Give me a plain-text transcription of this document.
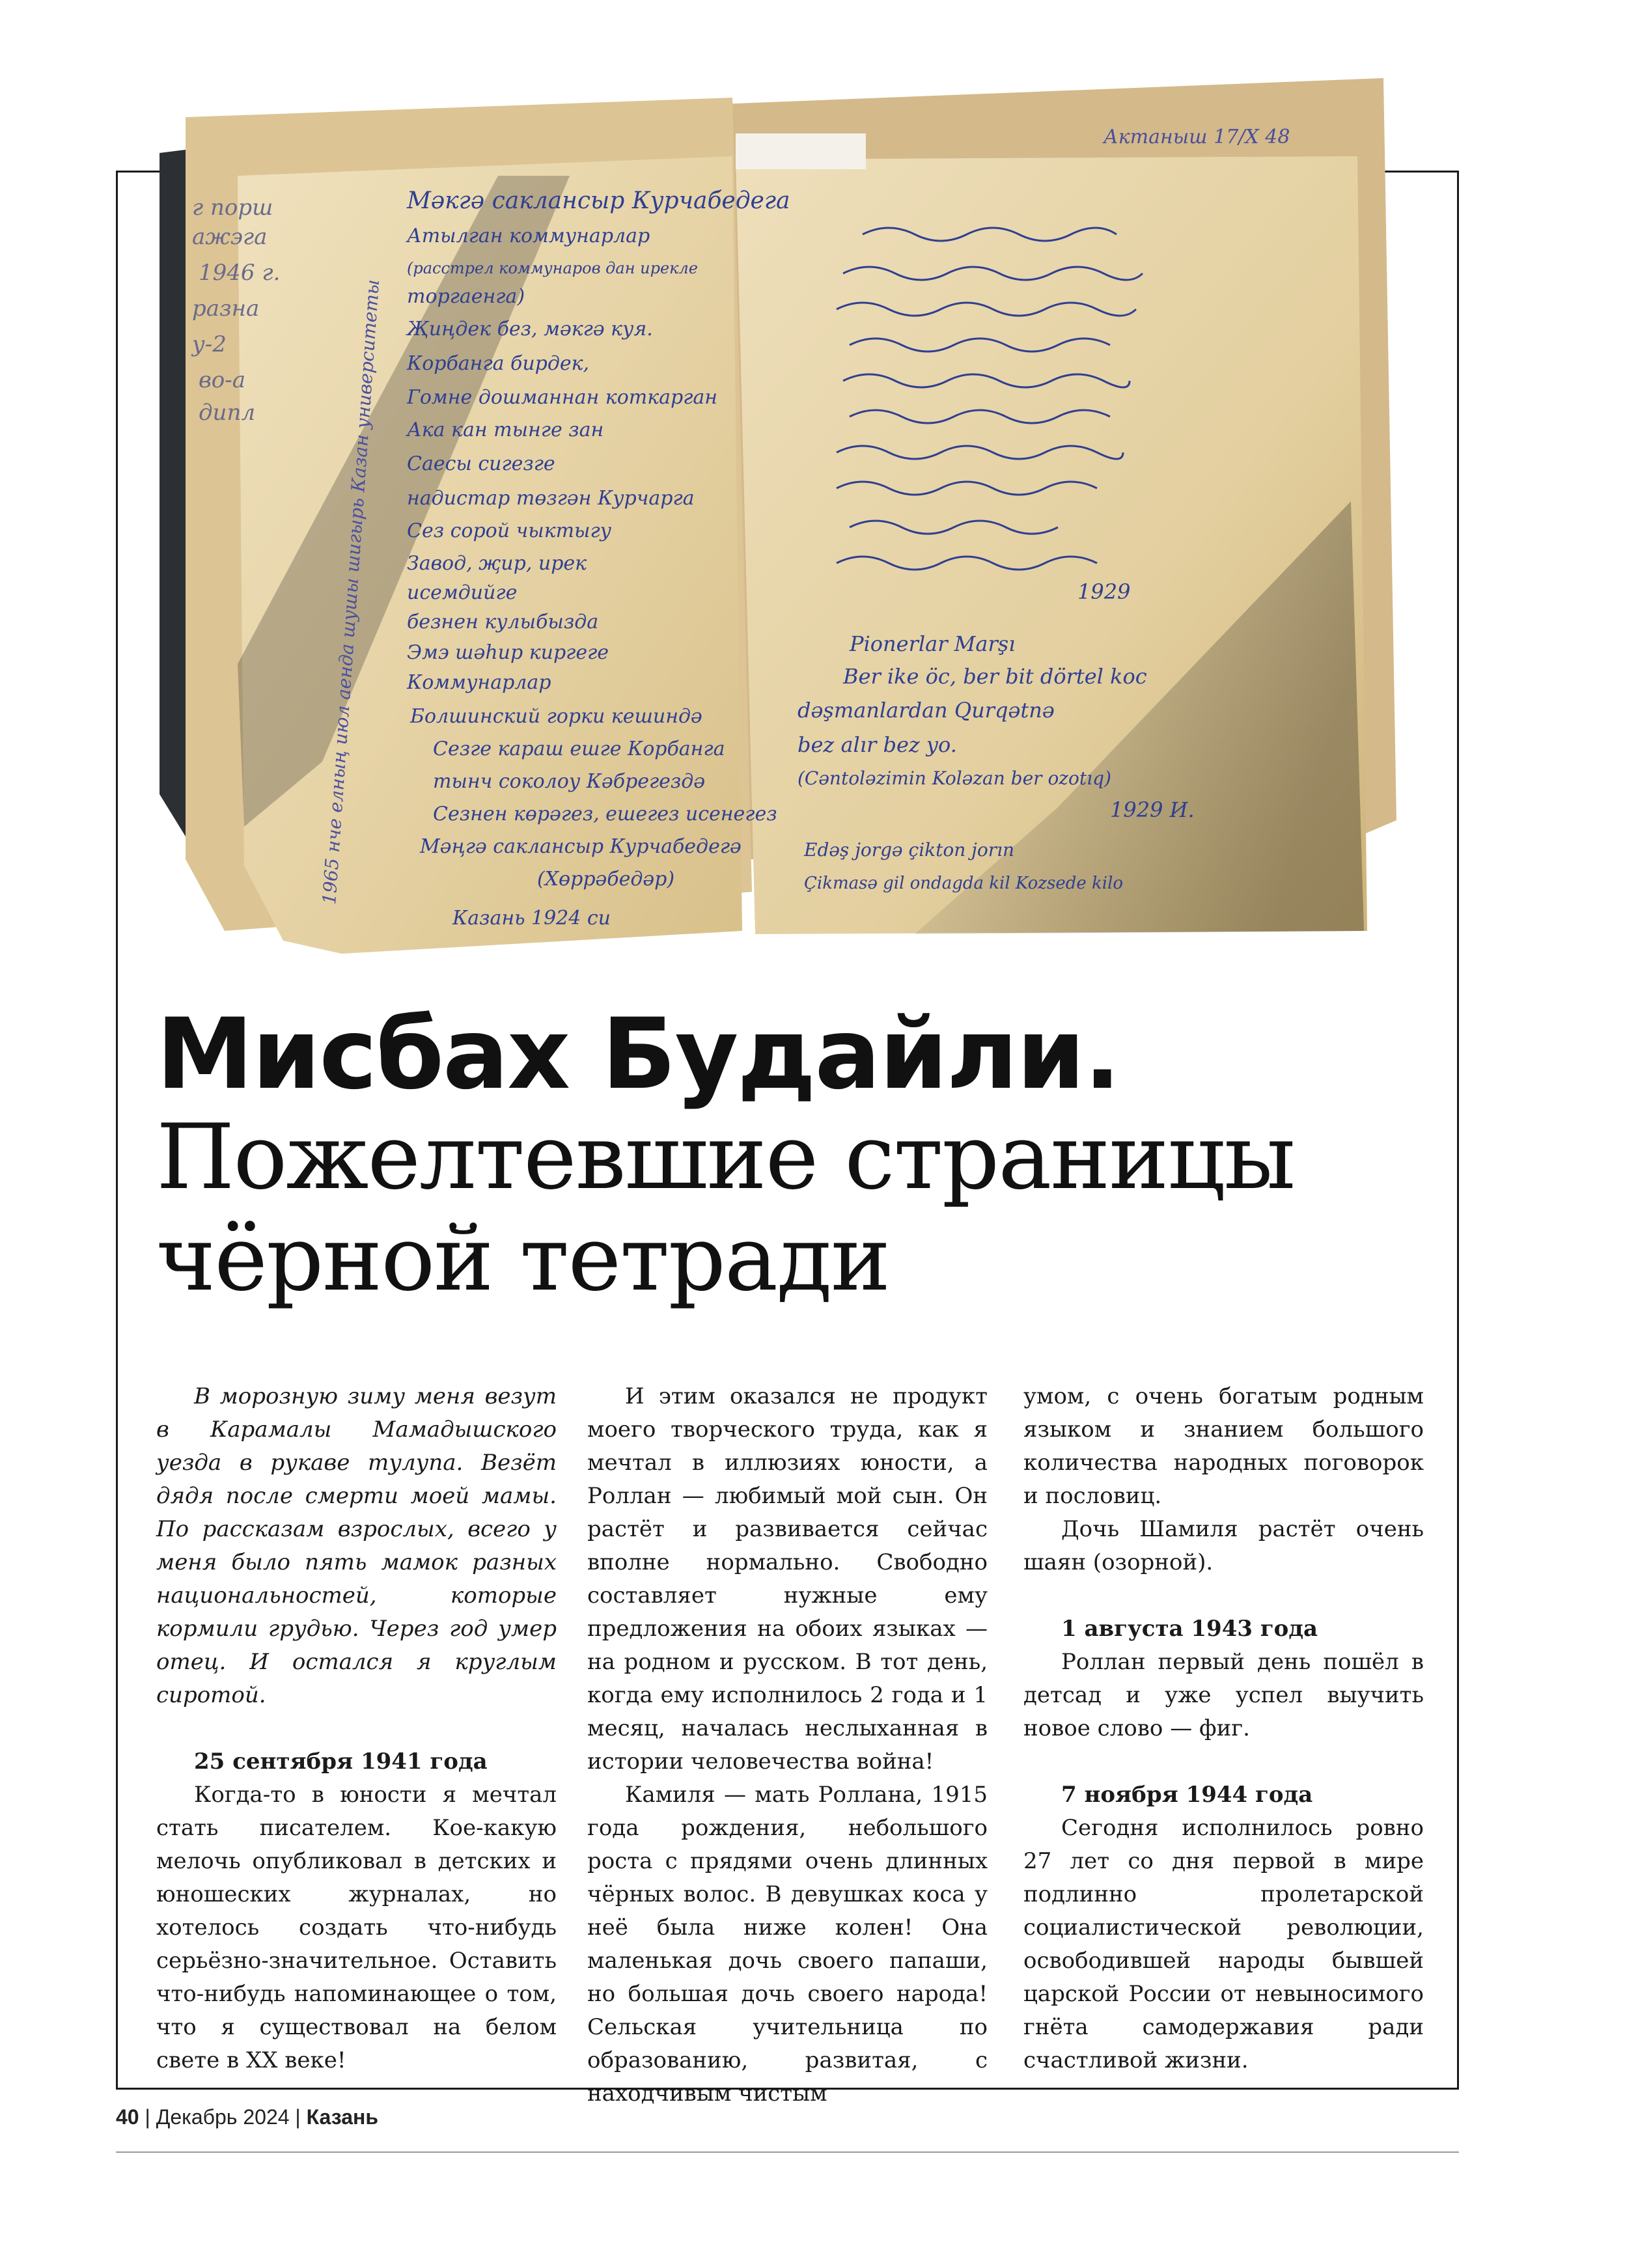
г порш
ажэга
1946 г.
разна
у-2
во-а
дипл	1965 нче елның июл аенда шушы шигырь Казан университеты
Мәкгә саклансыр Курчабедега
Атылган коммунарлар
(расстрел коммунаров дан ирекле
торгаенга)
Җиңдек без, мәкгә куя.
Корбанга бирдек,
Гомне дошманнан коткарган
Ака кан тынге зан
Саесы сигезге
надистар төзгән Курчарга
Сез сорой чыктыгу
Завод, җир, ирек
исемдийге
безнен кулыбызда
Эмэ шәһир киргеге
Коммунарлар
Болшинский горки кешиндә
Сезге караш ешге Корбанга
тынч соколоу Кәбрегездә
Сезнен көрәгез, ешегез исенегез
Мәңгә саклансыр Курчабедегә
(Хөррәбедәр)
Казань 1924 си
Актаныш 17/Х 48
1929
Pionerlar Marşı
Ber ike öc, ber bit dörtel koc
dəşmanlardan Qurqətnə
bez alır bez yo.
(Cəntoləzimin Koləzan ber ozotıq)
1929 И.
Edəş jorgə çikton jorın
Çikmasə gil ondagda kil Kozsede kilo
Мисбах Будайли.
Пожелтевшие страницы
чёрной тетради

В морозную зиму меня везут в Карамалы Мамадышского уезда в рукаве тулупа. Везёт дядя после смерти моей мамы. По рассказам взрослых, всего у меня было пять мамок разных национальностей, которые кормили грудью. Через год умер отец. И остался я круглым сиротой.

25 сентября 1941 года

Когда-то в юности я мечтал стать писателем. Кое-какую мелочь опубликовал в детских и юношеских журналах, но хотелось создать что-нибудь серьёзно-значительное. Оставить что-нибудь напоминающее о том, что я существовал на белом свете в XX веке!

И этим оказался не продукт моего творческого труда, как я мечтал в иллюзиях юности, а Роллан — любимый мой сын. Он растёт и развивается сейчас вполне нормально. Свободно составляет нужные ему предложения на обоих языках — на родном и русском. В тот день, когда ему исполнилось 2 года и 1 месяц, началась неслыханная в истории человечества война!

Камиля — мать Роллана, 1915 года рождения, небольшого роста с прядями очень длинных чёрных волос. В девушках коса у неё была ниже колен! Она маленькая дочь своего папаши, но большая дочь своего народа! Сельская учительница по образованию, развитая, с находчивым чистым

умом, с очень богатым родным языком и знанием большого количества народных поговорок и пословиц.

Дочь Шамиля растёт очень шаян (озорной).

1 августа 1943 года

Роллан первый день пошёл в детсад и уже успел выучить новое слово — фиг.

7 ноября 1944 года

Сегодня исполнилось ровно 27 лет со дня первой в мире подлинно пролетарской социалистической революции, освободившей народы бывшей царской России от невыносимого гнёта самодержавия ради счастливой жизни.

40 | Декабрь 2024 | Казань
